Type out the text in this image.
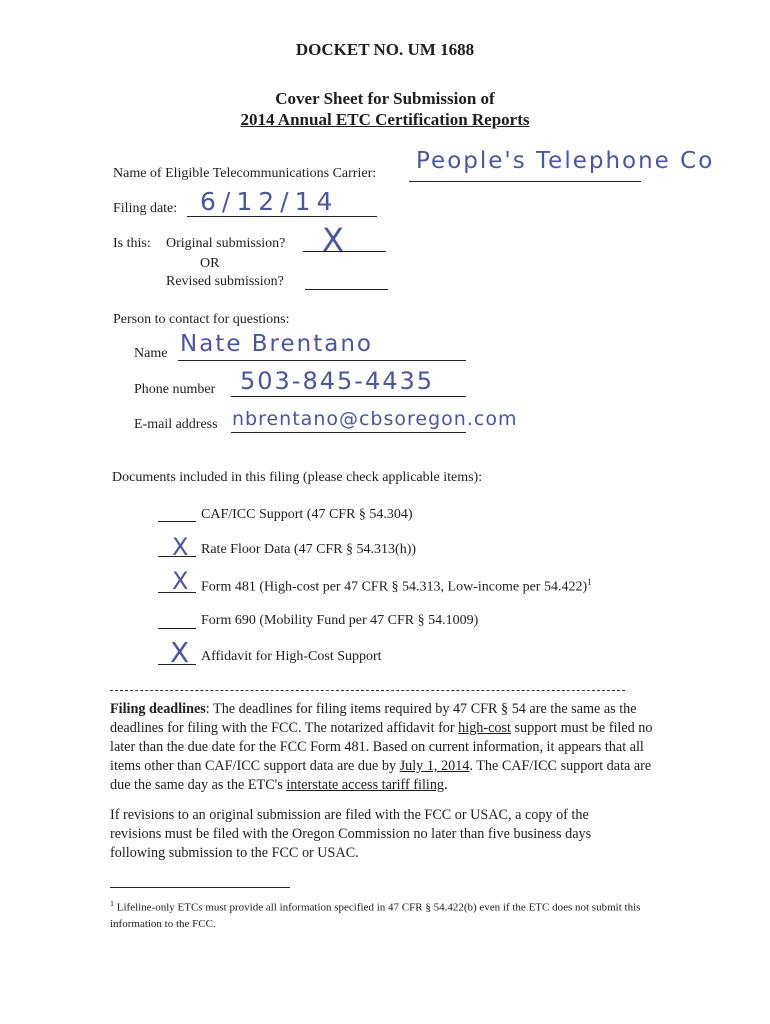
DOCKET NO. UM 1688
Cover Sheet for Submission of
2014 Annual ETC Certification Reports
Name of Eligible Telecommunications Carrier: People's Telephone Co
Filing date: 6/12/14
Is this: Original submission? X
OR
Revised submission?
Person to contact for questions:
Name Nate Brentano
Phone number 503-845-4435
E-mail address nbrentano@cbsoregon.com
Documents included in this filing (please check applicable items):
CAF/ICC Support (47 CFR § 54.304)
X Rate Floor Data (47 CFR § 54.313(h))
X Form 481 (High-cost per 47 CFR § 54.313, Low-income per 54.422)$^1$
Form 690 (Mobility Fund per 47 CFR § 54.1009)
X Affidavit for High-Cost Support
Filing deadlines: The deadlines for filing items required by 47 CFR § 54 are the same as the deadlines for filing with the FCC. The notarized affidavit for high-cost support must be filed no later than the due date for the FCC Form 481. Based on current information, it appears that all items other than CAF/ICC support data are due by July 1, 2014. The CAF/ICC support data are due the same day as the ETC's interstate access tariff filing.
If revisions to an original submission are filed with the FCC or USAC, a copy of the revisions must be filed with the Oregon Commission no later than five business days following submission to the FCC or USAC.
$^1$ Lifeline-only ETCs must provide all information specified in 47 CFR § 54.422(b) even if the ETC does not submit this information to the FCC.
